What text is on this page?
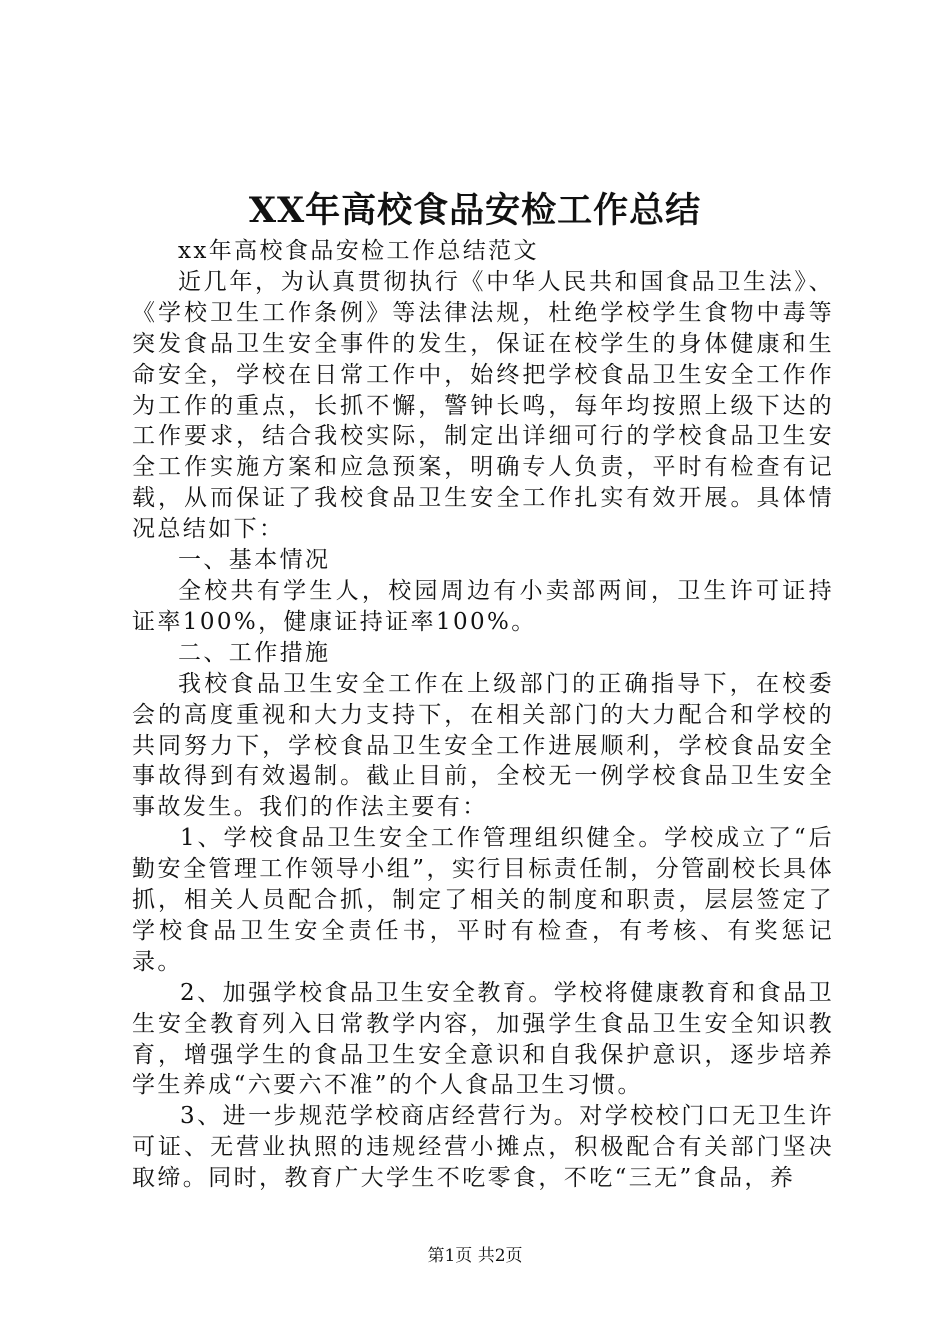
XX年高校食品安检工作总结

xx年高校食品安检工作总结范文

近几年，为认真贯彻执行《中华人民共和国食品卫生法》、《学校卫生工作条例》等法律法规，杜绝学校学生食物中毒等突发食品卫生安全事件的发生，保证在校学生的身体健康和生命安全，学校在日常工作中，始终把学校食品卫生安全工作作为工作的重点，长抓不懈，警钟长鸣，每年均按照上级下达的工作要求，结合我校实际，制定出详细可行的学校食品卫生安全工作实施方案和应急预案，明确专人负责，平时有检查有记载，从而保证了我校食品卫生安全工作扎实有效开展。具体情况总结如下：

一、基本情况

全校共有学生人，校园周边有小卖部两间，卫生许可证持证率100%，健康证持证率100%。

二、工作措施

我校食品卫生安全工作在上级部门的正确指导下，在校委会的高度重视和大力支持下，在相关部门的大力配合和学校的共同努力下，学校食品卫生安全工作进展顺利，学校食品安全事故得到有效遏制。截止目前，全校无一例学校食品卫生安全事故发生。我们的作法主要有：

1、学校食品卫生安全工作管理组织健全。学校成立了“后勤安全管理工作领导小组”，实行目标责任制，分管副校长具体抓，相关人员配合抓，制定了相关的制度和职责，层层签定了学校食品卫生安全责任书，平时有检查，有考核、有奖惩记录。

2、加强学校食品卫生安全教育。学校将健康教育和食品卫生安全教育列入日常教学内容，加强学生食品卫生安全知识教育，增强学生的食品卫生安全意识和自我保护意识，逐步培养学生养成“六要六不准”的个人食品卫生习惯。

3、进一步规范学校商店经营行为。对学校校门口无卫生许可证、无营业执照的违规经营小摊点，积极配合有关部门坚决取缔。同时，教育广大学生不吃零食，不吃“三无”食品，养

第1页 共2页
